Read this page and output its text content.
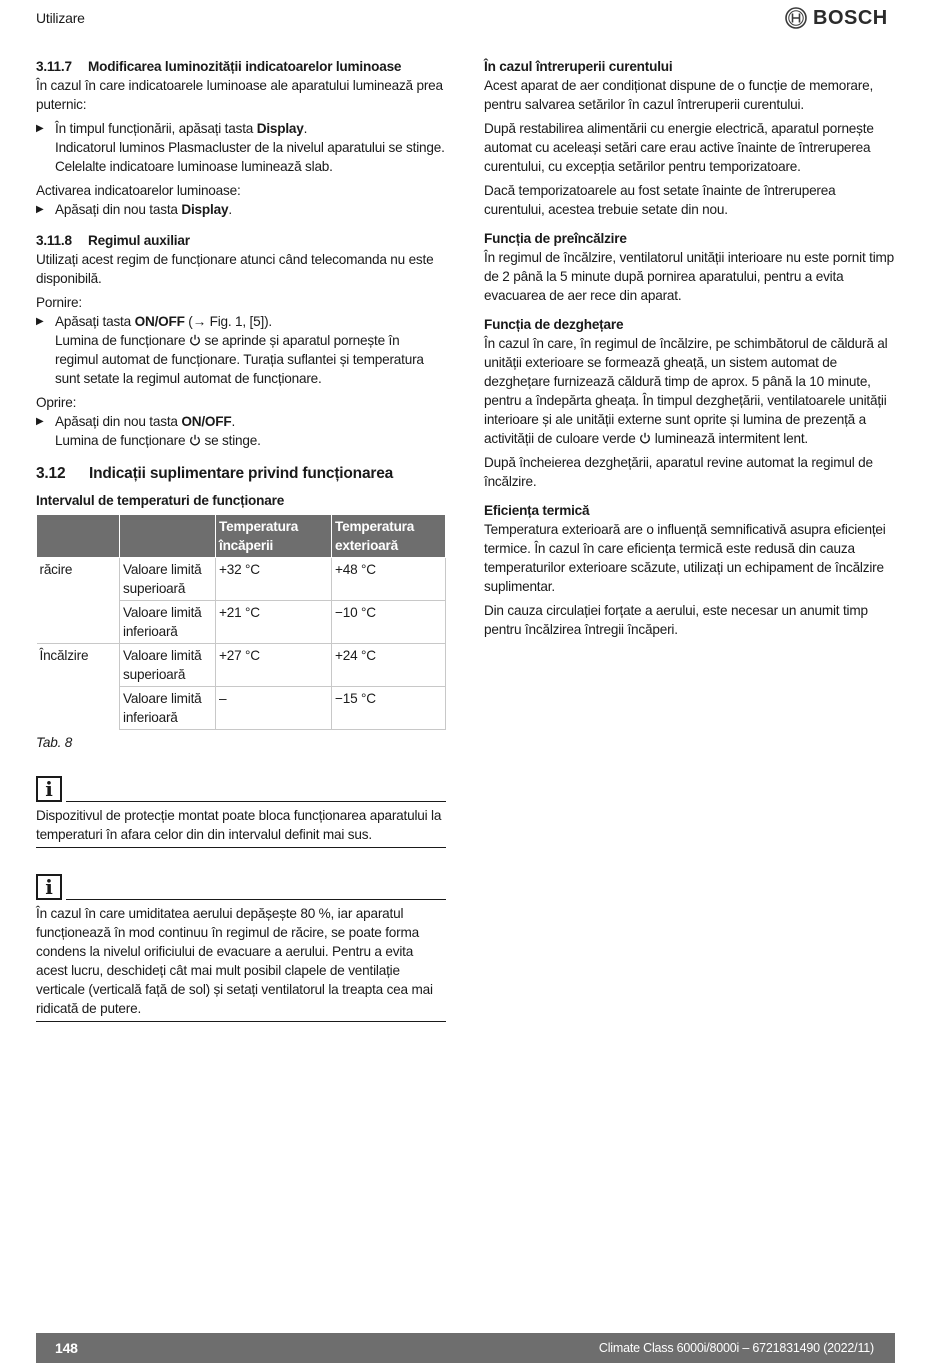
Utilizare	BOSCH

3.11.7 Modificarea luminozității indicatoarelor luminoase

În cazul în care indicatoarele luminoase ale aparatului luminează prea puternic:

▶ În timpul funcționării, apăsați tasta Display.
Indicatorul luminos Plasmacluster de la nivelul aparatului se stinge.

Celelalte indicatoare luminoase luminează slab.

Activarea indicatoarelor luminoase:
▶ Apăsați din nou tasta Display.

3.11.8 Regimul auxiliar

Utilizați acest regim de funcționare atunci când telecomanda nu este disponibilă.

Pornire:
▶ Apăsați tasta ON/OFF (→ Fig. 1, [5]).

Lumina de funcționare  se aprinde și aparatul pornește în regimul automat de funcționare. Turația suflantei și temperatura sunt setate la regimul automat de funcționare.

Oprire:
▶ Apăsați din nou tasta ON/OFF.
Lumina de funcționare  se stinge.

3.12 Indicații suplimentare privind funcționarea

Intervalul de temperaturi de funcționare

		Temperatura încăperii	Temperatura exterioară
răcire	Valoare limită superioară	+32 °C	+48 °C
	Valoare limită inferioară	+21 °C	−10 °C
Încălzire	Valoare limită superioară	+27 °C	+24 °C
	Valoare limită inferioară	–	−15 °C
Tab. 8
i
Dispozitivul de protecție montat poate bloca funcționarea aparatului la temperaturi în afara celor din din intervalul definit mai sus.
i
În cazul în care umiditatea aerului depășește 80 %, iar aparatul funcționează în mod continuu în regimul de răcire, se poate forma condens la nivelul orificiului de evacuare a aerului. Pentru a evita acest lucru, deschideți cât mai mult posibil clapele de ventilație verticale (verticală față de sol) și setați ventilatorul la treapta cea mai ridicată de putere.

În cazul întreruperii curentului

Acest aparat de aer condiționat dispune de o funcție de memorare, pentru salvarea setărilor în cazul întreruperii curentului.

După restabilirea alimentării cu energie electrică, aparatul pornește automat cu aceleași setări care erau active înainte de întreruperea curentului, cu excepția setărilor pentru temporizatoare.

Dacă temporizatoarele au fost setate înainte de întreruperea curentului, acestea trebuie setate din nou.

Funcția de preîncălzire

În regimul de încălzire, ventilatorul unității interioare nu este pornit timp de 2 până la 5 minute după pornirea aparatului, pentru a evita evacuarea de aer rece din aparat.

Funcția de dezghețare

În cazul în care, în regimul de încălzire, pe schimbătorul de căldură al unității exterioare se formează gheață, un sistem automat de dezghețare furnizează căldură timp de aprox. 5 până la 10 minute, pentru a îndepărta gheața. În timpul dezghețării, ventilatoarele unității interioare și ale unității externe sunt oprite și lumina de prezență a activității de culoare verde  luminează intermitent lent.

După încheierea dezghețării, aparatul revine automat la regimul de încălzire.

Eficiența termică

Temperatura exterioară are o influență semnificativă asupra eficienței termice. În cazul în care eficiența termică este redusă din cauza temperaturilor exterioare scăzute, utilizați un echipament de încălzire suplimentar.

Din cauza circulației forțate a aerului, este necesar un anumit timp pentru încălzirea întregii încăperi.

148	Climate Class 6000i/8000i – 6721831490 (2022/11)
